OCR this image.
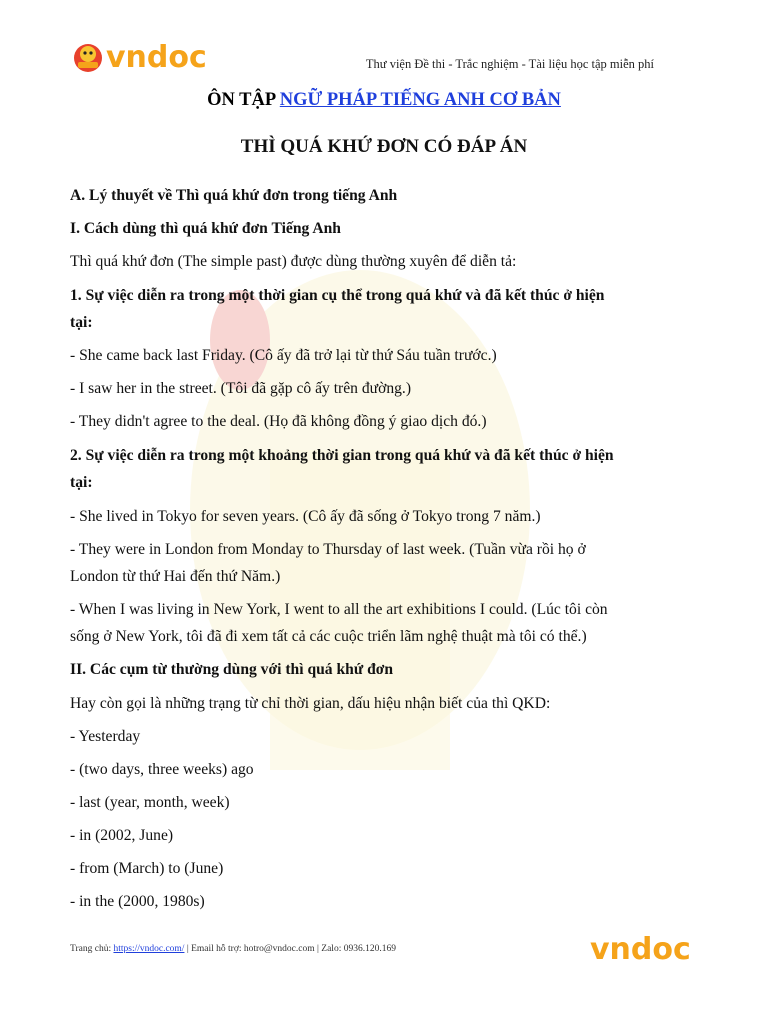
vndoc	Thư viện Đề thi - Trắc nghiệm - Tài liệu học tập miễn phí
ÔN TẬP NGỮ PHÁP TIẾNG ANH CƠ BẢN
THÌ QUÁ KHỨ ĐƠN CÓ ĐÁP ÁN
A. Lý thuyết về Thì quá khứ đơn trong tiếng Anh
I. Cách dùng thì quá khứ đơn Tiếng Anh
Thì quá khứ đơn (The simple past) được dùng thường xuyên để diễn tả:
1. Sự việc diễn ra trong một thời gian cụ thể trong quá khứ và đã kết thúc ở hiện
tại:
- She came back last Friday. (Cô ấy đã trở lại từ thứ Sáu tuần trước.)
- I saw her in the street. (Tôi đã gặp cô ấy trên đường.)
- They didn't agree to the deal. (Họ đã không đồng ý giao dịch đó.)
2. Sự việc diễn ra trong một khoảng thời gian trong quá khứ và đã kết thúc ở hiện
tại:
- She lived in Tokyo for seven years. (Cô ấy đã sống ở Tokyo trong 7 năm.)
- They were in London from Monday to Thursday of last week. (Tuần vừa rồi họ ở
London từ thứ Hai đến thứ Năm.)
- When I was living in New York, I went to all the art exhibitions I could. (Lúc tôi còn
sống ở New York, tôi đã đi xem tất cả các cuộc triển lãm nghệ thuật mà tôi có thể.)
II. Các cụm từ thường dùng với thì quá khứ đơn
Hay còn gọi là những trạng từ chỉ thời gian, dấu hiệu nhận biết của thì QKD:
- Yesterday
- (two days, three weeks) ago
- last (year, month, week)
- in (2002, June)
- from (March) to (June)
- in the (2000, 1980s)
Trang chủ: https://vndoc.com/ | Email hỗ trợ: hotro@vndoc.com | Zalo: 0936.120.169	vndoc
